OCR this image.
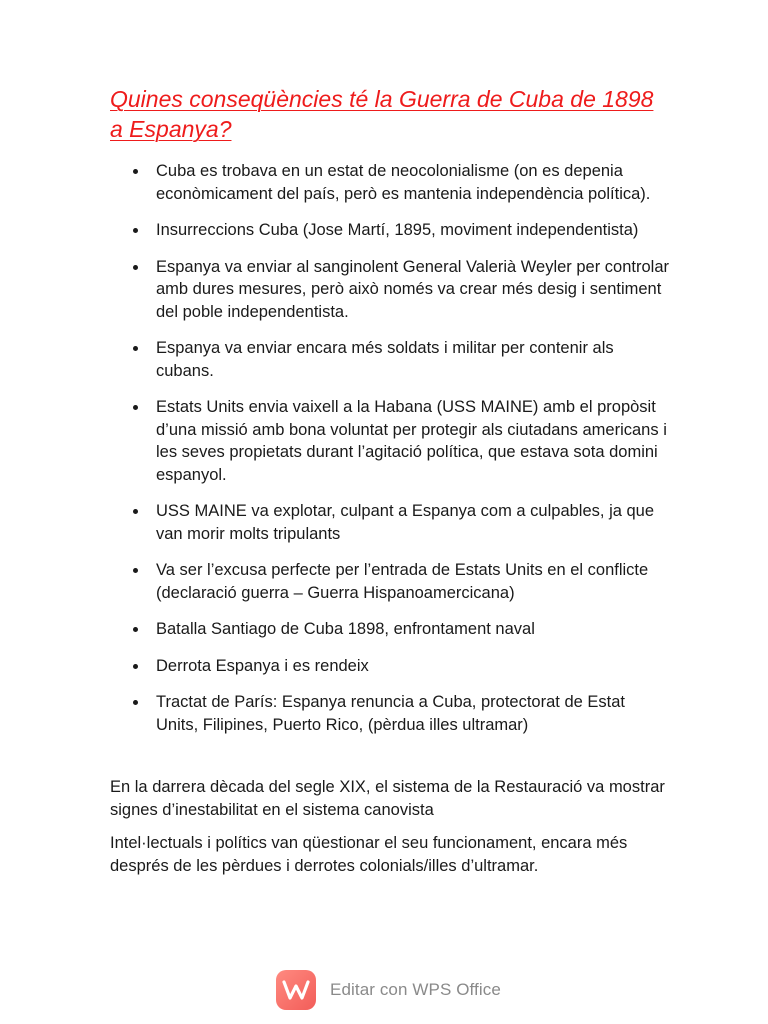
Quines conseqüències té la Guerra de Cuba de 1898 a Espanya?
Cuba es trobava en un estat de neocolonialisme (on es depenia econòmicament del país, però es mantenia independència política).
Insurreccions Cuba (Jose Martí, 1895, moviment independentista)
Espanya va enviar al sanginolent General Valerià Weyler per controlar amb dures mesures, però això només va crear més desig i sentiment del poble independentista.
Espanya va enviar encara més soldats i militar per contenir als cubans.
Estats Units envia vaixell a la Habana (USS MAINE) amb el propòsit d’una missió amb bona voluntat per protegir als ciutadans americans i les seves propietats durant l’agitació política, que estava sota domini espanyol.
USS MAINE va explotar, culpant a Espanya com a culpables, ja que van morir molts tripulants
Va ser l’excusa perfecte per l’entrada de Estats Units en el conflicte (declaració guerra – Guerra Hispanoamercicana)
Batalla Santiago de Cuba 1898, enfrontament naval
Derrota Espanya i es rendeix
Tractat de París: Espanya renuncia a Cuba, protectorat de Estat Units, Filipines, Puerto Rico, (pèrdua illes ultramar)

En la darrera dècada del segle XIX, el sistema de la Restauració va mostrar signes d’inestabilitat en el sistema canovista

Intel·lectuals i polítics van qüestionar el seu funcionament, encara més després de les pèrdues i derrotes colonials/illes d’ultramar.

Editar con WPS Office
